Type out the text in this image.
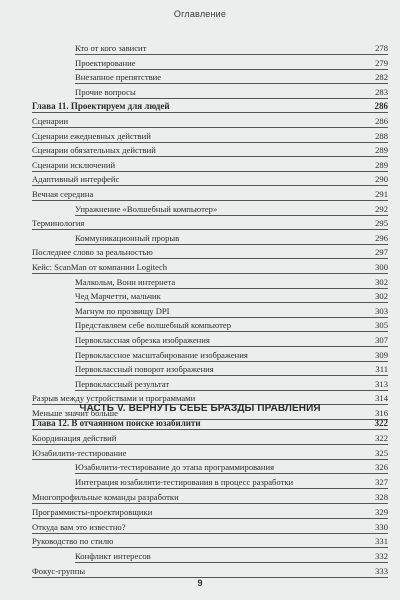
Оглавление
Кто от кого зависит	278
Проектирование	279
Внезапное препятствие	282
Прочие вопросы	283
Глава 11. Проектируем для людей	286
Сценарии	286
Сценарии ежедневных действий	288
Сценарии обязательных действий	289
Сценарии исключений	289
Адаптивный интерфейс	290
Вечная середина	291
Упражнение «Волшебный компьютер»	292
Терминология	295
Коммуникационный прорыв	296
Последнее слово за реальностью	297
Кейс: ScanMan от компании Logitech	300
Малкольм, Вонн интернета	302
Чед Марчетти, мальчик	302
Магнум по прозвищу DPI	303
Представляем себе волшебный компьютер	305
Первоклассная обрезка изображения	307
Первоклассное масштабирование изображения	309
Первоклассный поворот изображения	311
Первоклассный результат	313
Разрыв между устройствами и программами	314
Меньше значит больше	316
Глава 12. В отчаянном поиске юзабилити	322
Координация действий	322
Юзабилити-тестирование	325
Юзабилити-тестирование до этапа программирования	326
Интеграция юзабилити-тестирования в процесс разработки	327
Многопрофильные команды разработки	328
Программисты-проектировщики	329
Откуда вам это известно?	330
Руководство по стилю	331
Конфликт интересов	332
Фокус-группы	333
ЧАСТЬ V. ВЕРНУТЬ СЕБЕ БРАЗДЫ ПРАВЛЕНИЯ
9
